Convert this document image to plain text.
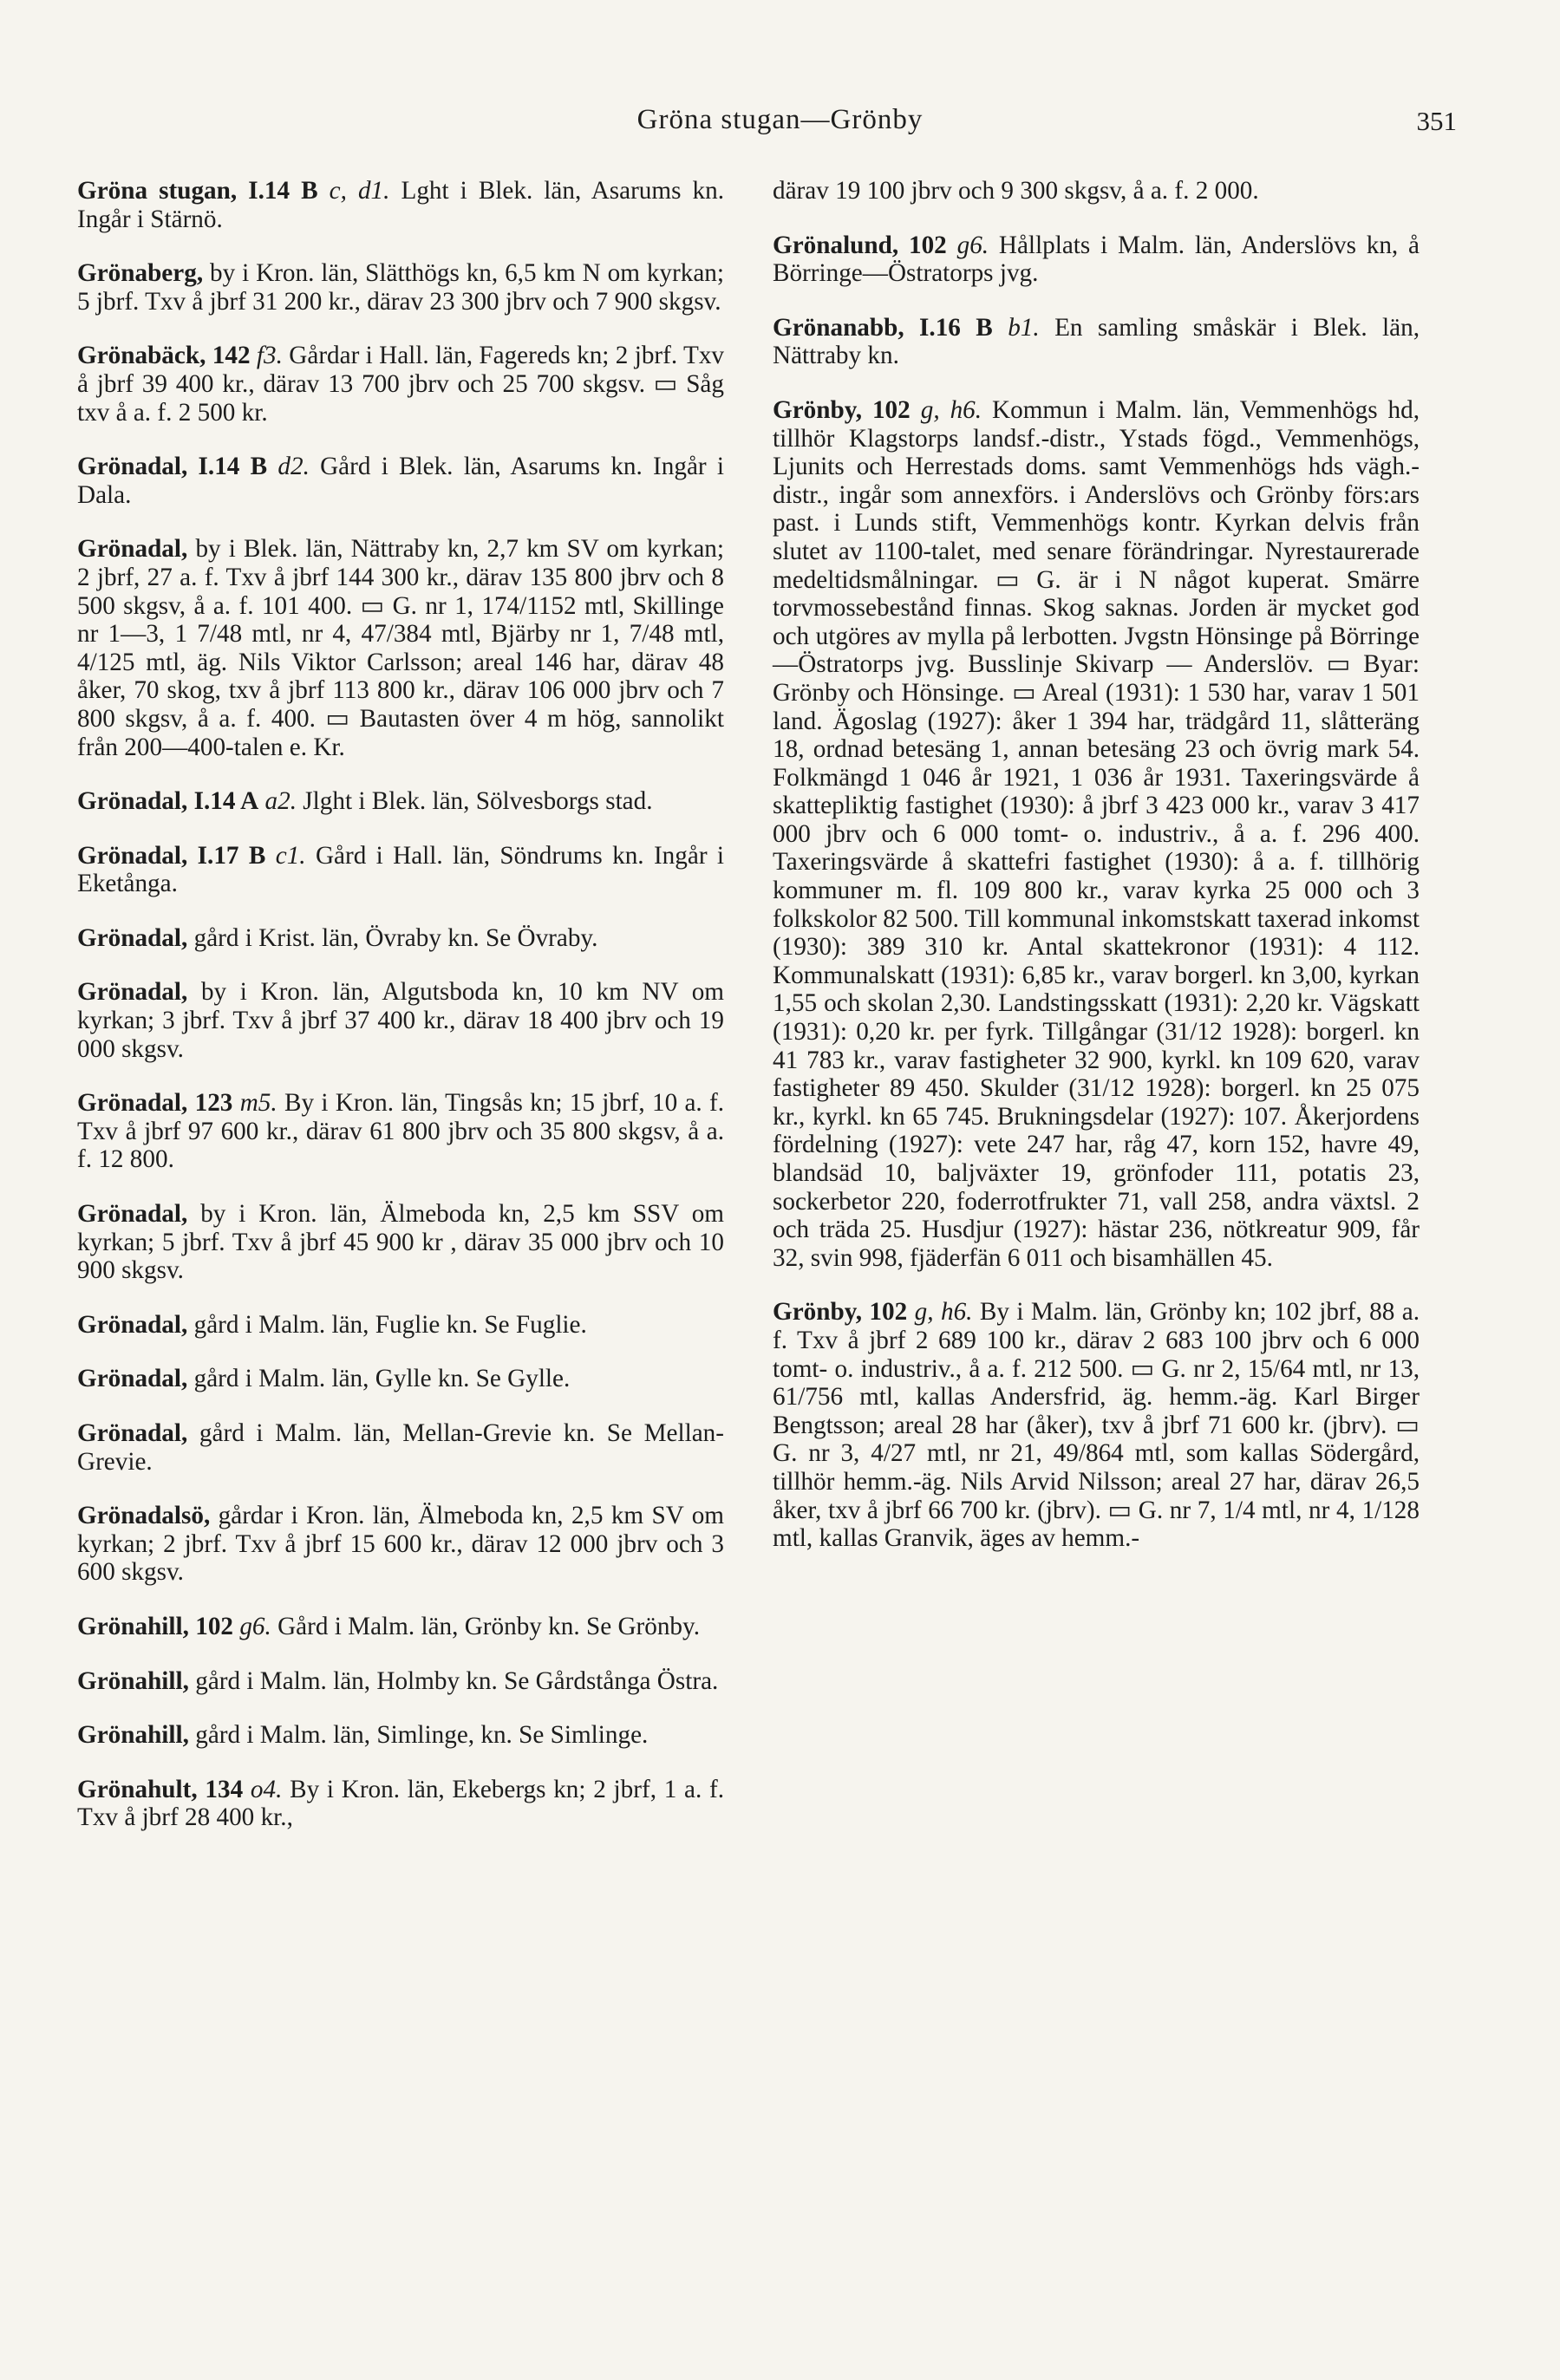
Gröna stugan—Grönby	351

Gröna stugan, I.14 B c, d1. Lght i Blek. län, Asarums kn. Ingår i Stärnö.

Grönaberg, by i Kron. län, Slätthögs kn, 6,5 km N om kyrkan; 5 jbrf. Txv å jbrf 31 200 kr., därav 23 300 jbrv och 7 900 skgsv.

Grönabäck, 142 f3. Gårdar i Hall. län, Fagereds kn; 2 jbrf. Txv å jbrf 39 400 kr., därav 13 700 jbrv och 25 700 skgsv. ▭ Såg txv å a. f. 2 500 kr.

Grönadal, I.14 B d2. Gård i Blek. län, Asarums kn. Ingår i Dala.

Grönadal, by i Blek. län, Nättraby kn, 2,7 km SV om kyrkan; 2 jbrf, 27 a. f. Txv å jbrf 144 300 kr., därav 135 800 jbrv och 8 500 skgsv, å a. f. 101 400. ▭ G. nr 1, 174/1152 mtl, Skillinge nr 1—3, 1 7/48 mtl, nr 4, 47/384 mtl, Bjärby nr 1, 7/48 mtl, 4/125 mtl, äg. Nils Viktor Carlsson; areal 146 har, därav 48 åker, 70 skog, txv å jbrf 113 800 kr., därav 106 000 jbrv och 7 800 skgsv, å a. f. 400. ▭ Bautasten över 4 m hög, sannolikt från 200—400-talen e. Kr.

Grönadal, I.14 A a2. Jlght i Blek. län, Sölvesborgs stad.

Grönadal, I.17 B c1. Gård i Hall. län, Söndrums kn. Ingår i Eketånga.

Grönadal, gård i Krist. län, Övraby kn. Se Övraby.

Grönadal, by i Kron. län, Algutsboda kn, 10 km NV om kyrkan; 3 jbrf. Txv å jbrf 37 400 kr., därav 18 400 jbrv och 19 000 skgsv.

Grönadal, 123 m5. By i Kron. län, Tingsås kn; 15 jbrf, 10 a. f. Txv å jbrf 97 600 kr., därav 61 800 jbrv och 35 800 skgsv, å a. f. 12 800.

Grönadal, by i Kron. län, Älmeboda kn, 2,5 km SSV om kyrkan; 5 jbrf. Txv å jbrf 45 900 kr , därav 35 000 jbrv och 10 900 skgsv.

Grönadal, gård i Malm. län, Fuglie kn. Se Fuglie.

Grönadal, gård i Malm. län, Gylle kn. Se Gylle.

Grönadal, gård i Malm. län, Mellan-Grevie kn. Se Mellan-Grevie.

Grönadalsö, gårdar i Kron. län, Älmeboda kn, 2,5 km SV om kyrkan; 2 jbrf. Txv å jbrf 15 600 kr., därav 12 000 jbrv och 3 600 skgsv.

Grönahill, 102 g6. Gård i Malm. län, Grönby kn. Se Grönby.

Grönahill, gård i Malm. län, Holmby kn. Se Gårdstånga Östra.

Grönahill, gård i Malm. län, Simlinge, kn. Se Simlinge.

Grönahult, 134 o4. By i Kron. län, Ekebergs kn; 2 jbrf, 1 a. f. Txv å jbrf 28 400 kr.,

därav 19 100 jbrv och 9 300 skgsv, å a. f. 2 000.

Grönalund, 102 g6. Hållplats i Malm. län, Anderslövs kn, å Börringe—Östratorps jvg.

Grönanabb, I.16 B b1. En samling småskär i Blek. län, Nättraby kn.

Grönby, 102 g, h6. Kommun i Malm. län, Vemmenhögs hd, tillhör Klagstorps landsf.-distr., Ystads fögd., Vemmenhögs, Ljunits och Herrestads doms. samt Vemmenhögs hds vägh.-distr., ingår som annexförs. i Anderslövs och Grönby förs:ars past. i Lunds stift, Vemmenhögs kontr. Kyrkan delvis från slutet av 1100-talet, med senare förändringar. Nyrestaurerade medeltidsmålningar. ▭ G. är i N något kuperat. Smärre torvmossebestånd finnas. Skog saknas. Jorden är mycket god och utgöres av mylla på lerbotten. Jvgstn Hönsinge på Börringe—Östratorps jvg. Busslinje Skivarp — Anderslöv. ▭ Byar: Grönby och Hönsinge. ▭ Areal (1931): 1 530 har, varav 1 501 land. Ägoslag (1927): åker 1 394 har, trädgård 11, slåtteräng 18, ordnad betesäng 1, annan betesäng 23 och övrig mark 54. Folkmängd 1 046 år 1921, 1 036 år 1931. Taxeringsvärde å skattepliktig fastighet (1930): å jbrf 3 423 000 kr., varav 3 417 000 jbrv och 6 000 tomt- o. industriv., å a. f. 296 400. Taxeringsvärde å skattefri fastighet (1930): å a. f. tillhörig kommuner m. fl. 109 800 kr., varav kyrka 25 000 och 3 folkskolor 82 500. Till kommunal inkomstskatt taxerad inkomst (1930): 389 310 kr. Antal skattekronor (1931): 4 112. Kommunalskatt (1931): 6,85 kr., varav borgerl. kn 3,00, kyrkan 1,55 och skolan 2,30. Landstingsskatt (1931): 2,20 kr. Vägskatt (1931): 0,20 kr. per fyrk. Tillgångar (31/12 1928): borgerl. kn 41 783 kr., varav fastigheter 32 900, kyrkl. kn 109 620, varav fastigheter 89 450. Skulder (31/12 1928): borgerl. kn 25 075 kr., kyrkl. kn 65 745. Brukningsdelar (1927): 107. Åkerjordens fördelning (1927): vete 247 har, råg 47, korn 152, havre 49, blandsäd 10, baljväxter 19, grönfoder 111, potatis 23, sockerbetor 220, foderrotfrukter 71, vall 258, andra växtsl. 2 och träda 25. Husdjur (1927): hästar 236, nötkreatur 909, får 32, svin 998, fjäderfän 6 011 och bisamhällen 45.

Grönby, 102 g, h6. By i Malm. län, Grönby kn; 102 jbrf, 88 a. f. Txv å jbrf 2 689 100 kr., därav 2 683 100 jbrv och 6 000 tomt- o. industriv., å a. f. 212 500. ▭ G. nr 2, 15/64 mtl, nr 13, 61/756 mtl, kallas Andersfrid, äg. hemm.-äg. Karl Birger Bengtsson; areal 28 har (åker), txv å jbrf 71 600 kr. (jbrv). ▭ G. nr 3, 4/27 mtl, nr 21, 49/864 mtl, som kallas Södergård, tillhör hemm.-äg. Nils Arvid Nilsson; areal 27 har, därav 26,5 åker, txv å jbrf 66 700 kr. (jbrv). ▭ G. nr 7, 1/4 mtl, nr 4, 1/128 mtl, kallas Granvik, äges av hemm.-
